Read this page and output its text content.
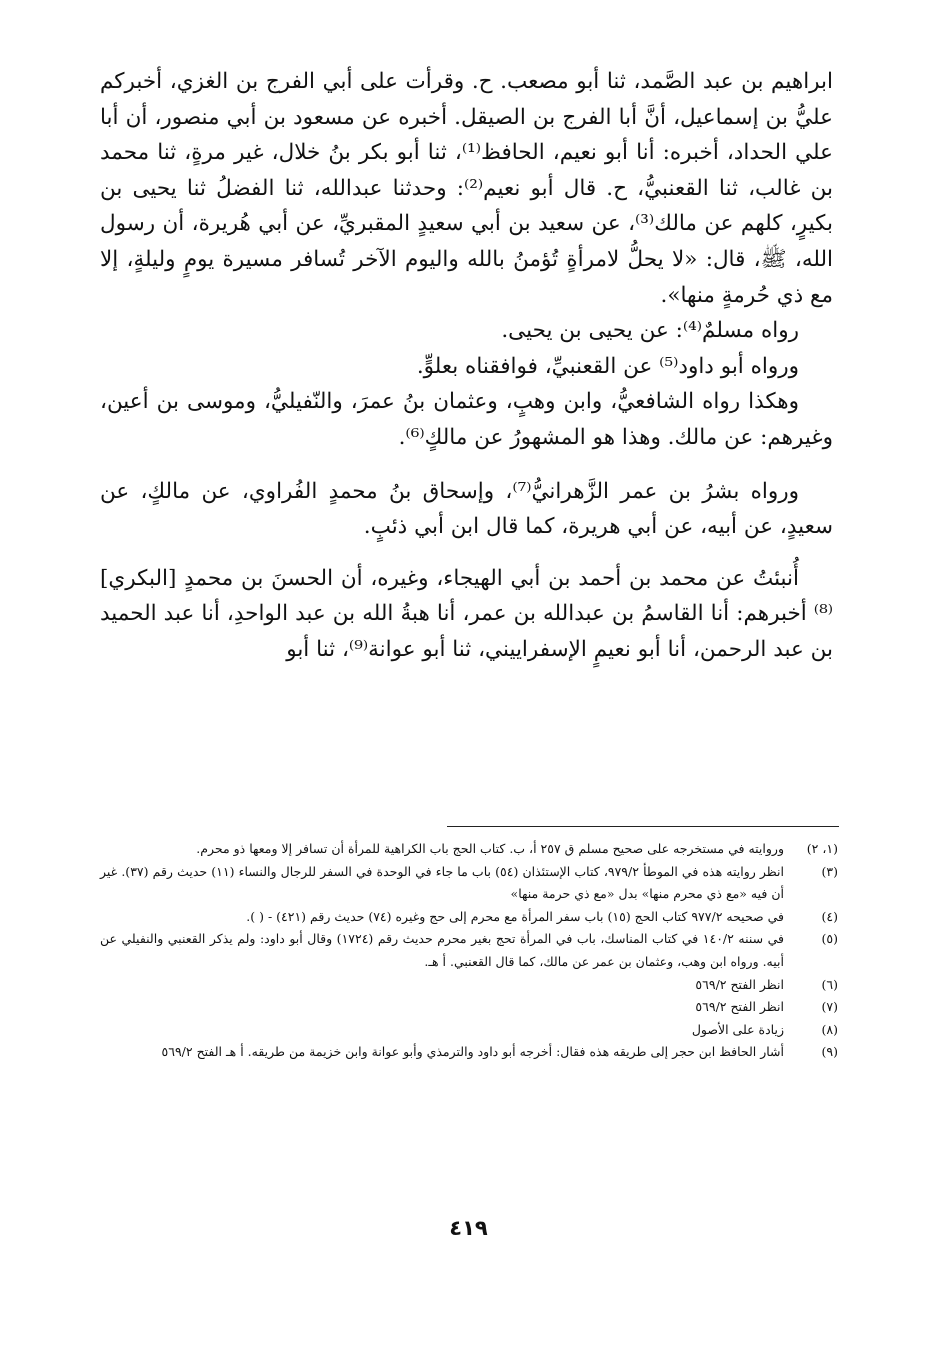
ابراهيم بن عبد الصَّمد، ثنا أبو مصعب. ح. وقرأت على أبي الفرج بن الغزي، أخبركم عليُّ بن إسماعيل، أنَّ أبا الفرج بن الصيقل. أخبره عن مسعود بن أبي منصور، أن أبا علي الحداد، أخبره: أنا أبو نعيم، الحافظ⁽¹⁾، ثنا أبو بكر بنُ خلال، غير مرةٍ، ثنا محمد بن غالب، ثنا القعنبيُّ، ح. قال أبو نعيم⁽²⁾: وحدثنا عبدالله، ثنا الفضلُ ثنا يحيى بن بكيرٍ، كلهم عن مالك⁽³⁾، عن سعيد بن أبي سعيدٍ المقبريِّ، عن أبي هُريرة، أن رسول الله، ﷺ، قال: «لا يحلُّ لامرأةٍ تُؤمنُ بالله واليوم الآخر تُسافر مسيرة يومٍ وليلةٍ، إلا مع ذي حُرمةٍ منها».

رواه مسلمٌ⁽⁴⁾: عن يحيى بن يحيى.

ورواه أبو داود⁽⁵⁾ عن القعنبيِّ، فوافقناه بعلوٍّ.

وهكذا رواه الشافعيُّ، وابن وهبٍ، وعثمان بنُ عمرَ، والنّفيليُّ، وموسى بن أعين، وغيرهم: عن مالك. وهذا هو المشهورُ عن مالكٍ⁽⁶⁾.

ورواه بشرُ بن عمر الزَّهرانيُّ⁽⁷⁾، وإسحاق بنُ محمدٍ الفُراوي، عن مالكٍ، عن سعيدٍ، عن أبيه، عن أبي هريرة، كما قال ابن أبي ذئبٍ.

أُنبئتُ عن محمد بن أحمد بن أبي الهيجاء، وغيره، أن الحسنَ بن محمدٍ [البكري]⁽⁸⁾ أخبرهم: أنا القاسمُ بن عبدالله بن عمر، أنا هبةُ الله بن عبد الواحدِ، أنا عبد الحميد بن عبد الرحمن، أنا أبو نعيمٍ الإسفراييني، ثنا أبو عوانة⁽⁹⁾، ثنا أبو

(١، ٢)
وروايته في مستخرجه على صحيح مسلم ق ٢٥٧ أ، ب. كتاب الحج باب الكراهية للمرأة أن تسافر إلا ومعها ذو محرم.
(٣)
انظر روايته هذه في الموطأ ٩٧٩/٢، كتاب الإستئذان (٥٤) باب ما جاء في الوحدة في السفر للرجال والنساء (١١) حديث رقم (٣٧). غير أن فيه «مع ذي محرم منها» بدل «مع ذي حرمة منها»
(٤)
في صحيحه ٩٧٧/٢ كتاب الحج (١٥) باب سفر المرأة مع محرم إلى حج وغيره (٧٤) حديث رقم (٤٢١) - ( ).
(٥)
في سننه ١٤٠/٢ في كتاب المناسك، باب في المرأة تحج بغير محرم حديث رقم (١٧٢٤) وقال أبو داود: ولم يذكر القعنبي والنفيلي عن أبيه. ورواه ابن وهب، وعثمان بن عمر عن مالك، كما قال القعنبي. أ هـ.
(٦)
انظر الفتح ٥٦٩/٢
(٧)
انظر الفتح ٥٦٩/٢
(٨)
زيادة على الأصول
(٩)
أشار الحافظ ابن حجر إلى طريقه هذه فقال: أخرجه أبو داود والترمذي وأبو عوانة وابن خزيمة من طريقه. أ هـ الفتح ٥٦٩/٢
٤١٩
